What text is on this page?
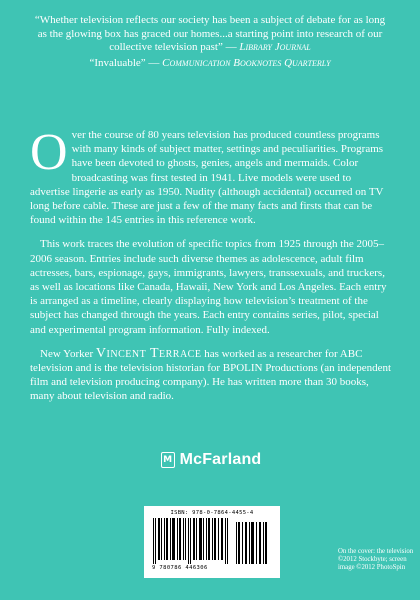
“Whether television reflects our society has been a subject of debate for as long as the glowing box has graced our homes...a starting point into research of our collective television past” — Library Journal

“Invaluable” — Communication Booknotes Quarterly

Over the course of 80 years television has produced countless programs with many kinds of subject matter, settings and peculiarities. Programs have been devoted to ghosts, genies, angels and mermaids. Color broadcasting was first tested in 1941. Live models were used to advertise lingerie as early as 1950. Nudity (although accidental) occurred on TV long before cable. These are just a few of the many facts and firsts that can be found within the 145 entries in this reference work.

This work traces the evolution of specific topics from 1925 through the 2005–2006 season. Entries include such diverse themes as adolescence, adult film actresses, bars, espionage, gays, immigrants, lawyers, transsexuals, and truckers, as well as locations like Canada, Hawaii, New York and Los Angeles. Each entry is arranged as a timeline, clearly displaying how television’s treatment of the subject has changed through the years. Each entry contains series, pilot, special and experimental program information. Fully indexed.

New Yorker Vincent Terrace has worked as a researcher for ABC television and is the television historian for BPOLIN Productions (an independent film and television producing company). He has written more than 30 books, many about television and radio.

M McFarland
ISBN: 978-0-7864-4455-4
9 780786 446306
On the cover: the television ©2012 Stockbyte; screen image ©2012 PhotoSpin
